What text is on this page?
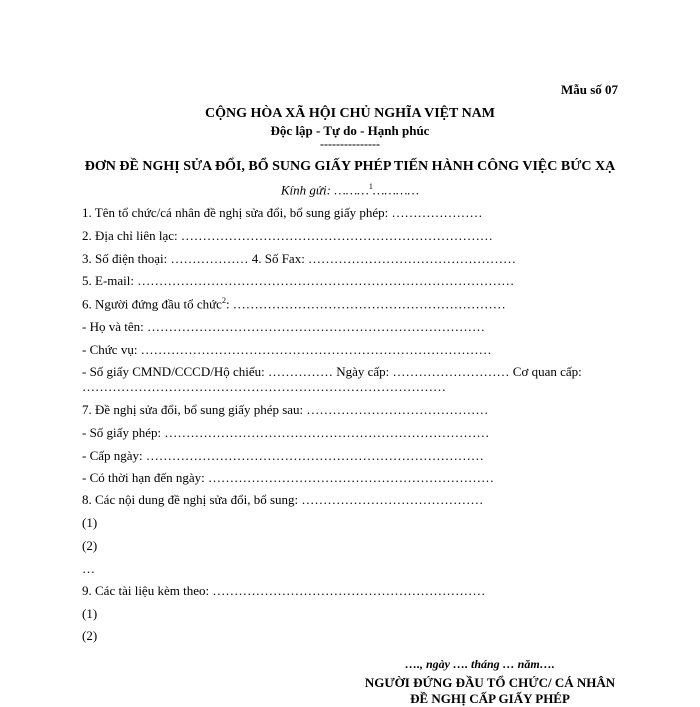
Mẫu số 07
CỘNG HÒA XÃ HỘI CHỦ NGHĨA VIỆT NAM
Độc lập - Tự do - Hạnh phúc
---------------
ĐƠN ĐỀ NGHỊ SỬA ĐỔI, BỔ SUNG GIẤY PHÉP TIẾN HÀNH CÔNG VIỆC BỨC XẠ
Kính gửi: ………$^1$…………
1. Tên tổ chức/cá nhân đề nghị sửa đổi, bổ sung giấy phép: …………………
2. Địa chỉ liên lạc: ………………………………………………………………
3. Số điện thoại: ……………… 4. Số Fax: …………………………………………
5. E-mail: ……………………………………………………………………………
6. Người đứng đầu tổ chức$^2$: ………………………………………………………
- Họ và tên: ……………………………………………………………………
- Chức vụ: ………………………………………………………………………
- Số giấy CMND/CCCD/Hộ chiếu: …………… Ngày cấp: ……………………… Cơ quan cấp:
…………………………………………………………………………
7. Đề nghị sửa đổi, bổ sung giấy phép sau: ……………………………………
- Số giấy phép: …………………………………………………………………
- Cấp ngày: ……………………………………………………………………
- Có thời hạn đến ngày: …………………………………………………………
8. Các nội dung đề nghị sửa đổi, bổ sung: ……………………………………
(1)
(2)
…
9. Các tài liệu kèm theo: ………………………………………………………
(1)
(2)
…., ngày …. tháng … năm….
NGƯỜI ĐỨNG ĐẦU TỔ CHỨC/ CÁ NHÂN
ĐỀ NGHỊ CẤP GIẤY PHÉP
